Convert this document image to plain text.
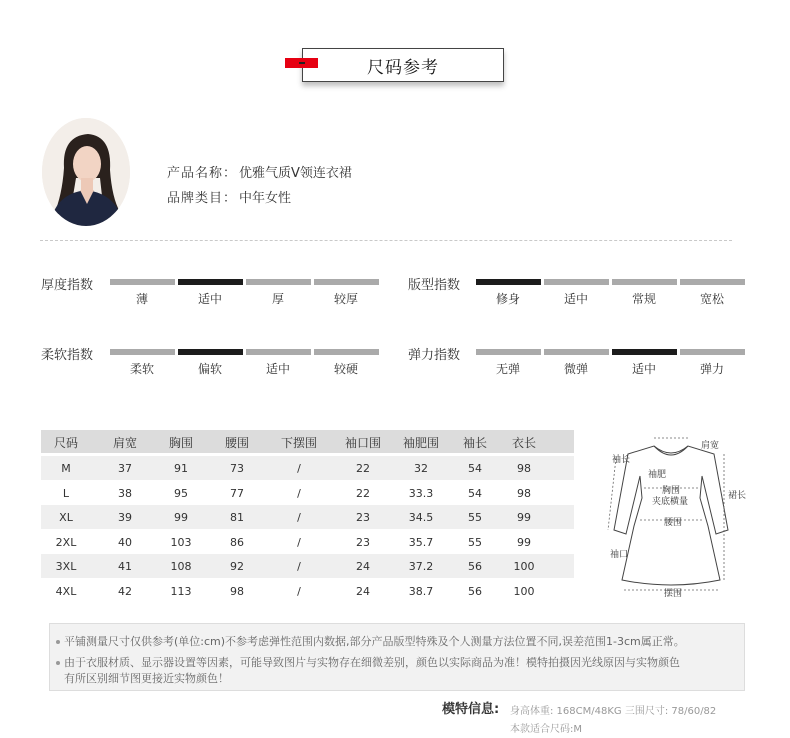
尺码参考
产品名称： 优雅气质V领连衣裙
品牌类目： 中年女性
厚度指数
薄	适中	厚	较厚
版型指数
修身	适中	常规	宽松
柔软指数
柔软	偏软	适中	较硬
弹力指数
无弹	微弹	适中	弹力
尺码	肩宽	胸围	腰围	下摆围	袖口围	袖肥围	袖长	衣长
M	37	91	73	/	22	32	54	98
L	38	95	77	/	22	33.3	54	98
XL	39	99	81	/	23	34.5	55	99
2XL	40	103	86	/	23	35.7	55	99
3XL	41	108	92	/	24	37.2	56	100
4XL	42	113	98	/	24	38.7	56	100
袖长
肩宽
袖肥
胸围
夹底横量
腰围
袖口
摆围
裙长
平铺测量尺寸仅供参考(单位:cm)不参考虑弹性范围内数据,部分产品版型特殊及个人测量方法位置不同,误差范围1-3cm属正常。
由于衣服材质、显示器设置等因素，可能导致图片与实物存在细微差别，颜色以实际商品为准！模特拍摄因光线原因与实物颜色
有所区别细节图更接近实物颜色！
模特信息: 身高体重: 168CM/48KG 三围尺寸: 78/60/82
本款适合尺码:M
